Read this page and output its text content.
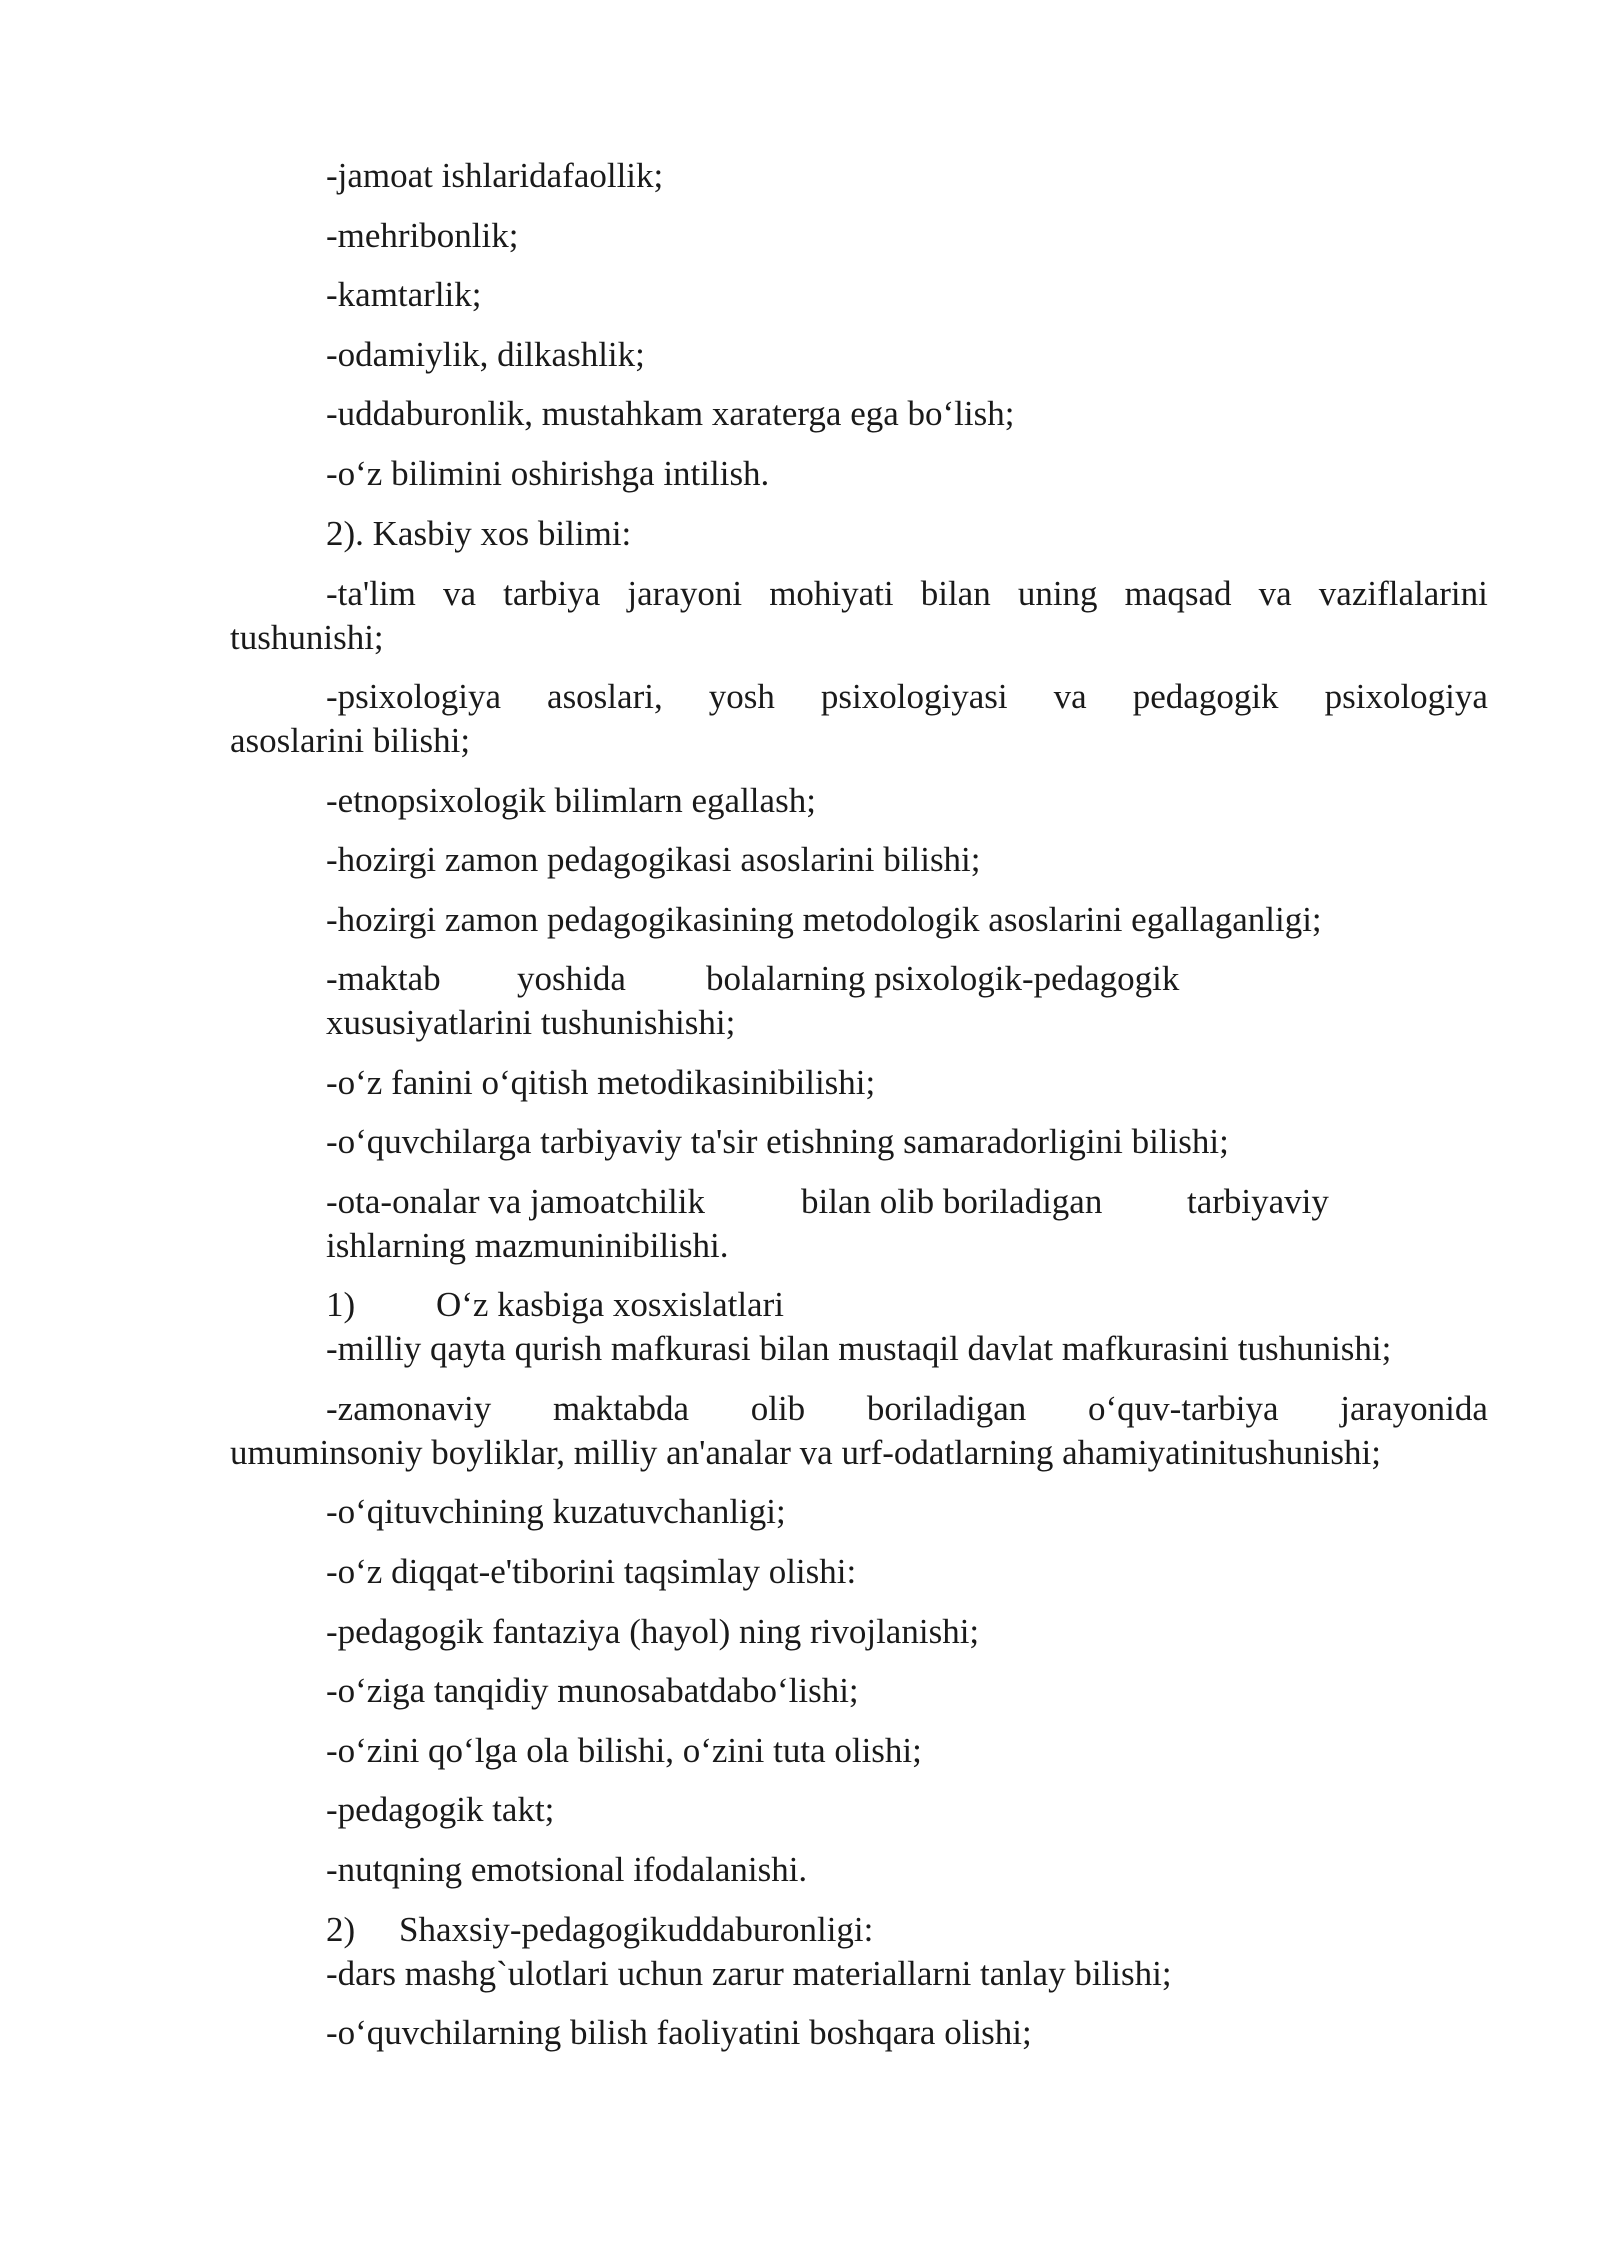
-jamoat ishlaridafaollik;

-mehribonlik;

-kamtarlik;

-odamiylik, dilkashlik;

-uddaburonlik, mustahkam xaraterga ega bo‘lish;

-o‘z bilimini oshirishga intilish.

2). Kasbiy xos bilimi:

-ta'lim va tarbiya jarayoni mohiyati bilan uning maqsad va vaziflalarini

tushunishi;

-psixologiya asoslari, yosh psixologiyasi va pedagogik psixologiya

asoslarini bilishi;

-etnopsixologik bilimlarn egallash;

-hozirgi zamon pedagogikasi asoslarini bilishi;

-hozirgi zamon pedagogikasining metodologik asoslarini egallaganligi;

-maktab yoshida bolalarning psixologik-pedagogik

xususiyatlarini tushunishishi;

-o‘z fanini o‘qitish metodikasinibilishi;

-o‘quvchilarga tarbiyaviy ta'sir etishning samaradorligini bilishi;

-ota-onalar va jamoatchilik	bilan olib boriladigan tarbiyaviy

ishlarning mazmuninibilishi.

1) O‘z kasbiga xosxislatlari

-milliy qayta qurish mafkurasi bilan mustaqil davlat mafkurasini tushunishi;

-zamonaviy maktabda olib boriladigan o‘quv-tarbiya jarayonida

umuminsoniy boyliklar, milliy an'analar va urf-odatlarning ahamiyatinitushunishi;

-o‘qituvchining kuzatuvchanligi;

-o‘z diqqat-e'tiborini taqsimlay olishi:

-pedagogik fantaziya (hayol) ning rivojlanishi;

-o‘ziga tanqidiy munosabatdabo‘lishi;

-o‘zini qo‘lga ola bilishi, o‘zini tuta olishi;

-pedagogik takt;

-nutqning emotsional ifodalanishi.

2) Shaxsiy-pedagogikuddaburonligi:

-dars mashg`ulotlari uchun zarur materiallarni tanlay bilishi;

-o‘quvchilarning bilish faoliyatini boshqara olishi;
